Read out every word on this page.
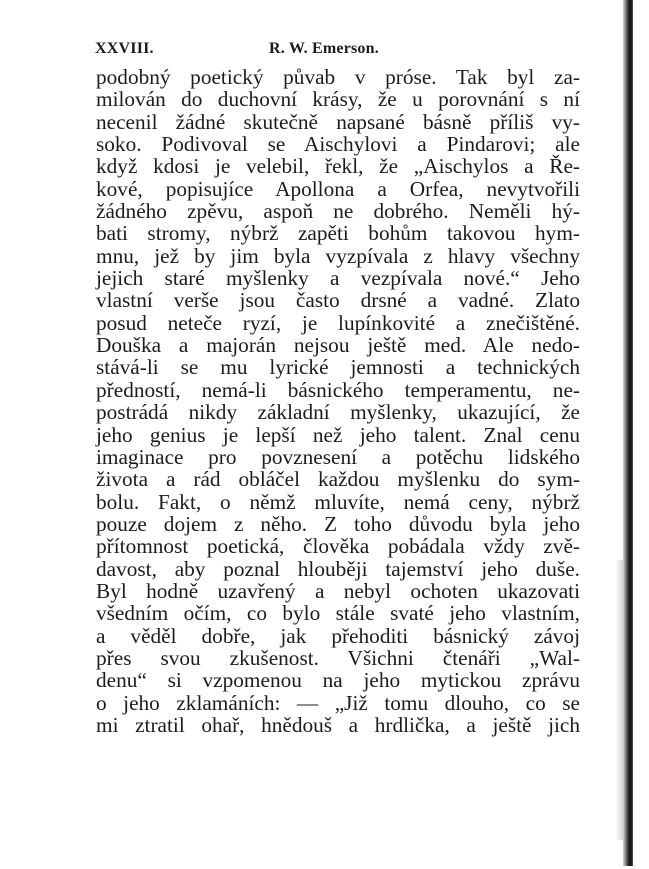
XXVIII.	R. W. Emerson.
podobný poetický půvab v próse. Tak byl za-
milován do duchovní krásy, že u porovnání s ní
necenil žádné skutečně napsané básně příliš vy-
soko. Podivoval se Aischylovi a Pindarovi; ale
když kdosi je velebil, řekl, že „Aischylos a Ře-
kové, popisujíce Apollona a Orfea, nevytvořili
žádného zpěvu, aspoň ne dobrého. Neměli hý-
bati stromy, nýbrž zapěti bohům takovou hym-
mnu, jež by jim byla vyzpívala z hlavy všechny
jejich staré myšlenky a vezpívala nové.“ Jeho
vlastní verše jsou často drsné a vadné. Zlato
posud neteče ryzí, je lupínkovité a znečištěné.
Douška a majorán nejsou ještě med. Ale nedo-
stává-li se mu lyrické jemnosti a technických
předností, nemá-li básnického temperamentu, ne-
postrádá nikdy základní myšlenky, ukazující, že
jeho genius je lepší než jeho talent. Znal cenu
imaginace pro povznesení a potěchu lidského
života a rád obláčel každou myšlenku do sym-
bolu. Fakt, o němž mluvíte, nemá ceny, nýbrž
pouze dojem z něho. Z toho důvodu byla jeho
přítomnost poetická, člověka pobádala vždy zvě-
davost, aby poznal hlouběji tajemství jeho duše.
Byl hodně uzavřený a nebyl ochoten ukazovati
všedním očím, co bylo stále svaté jeho vlastním,
a věděl dobře, jak přehoditi básnický závoj
přes svou zkušenost. Všichni čtenáři „Wal-
denu“ si vzpomenou na jeho mytickou zprávu
o jeho zklamáních: — „Již tomu dlouho, co se
mi ztratil ohař, hnědouš a hrdlička, a ještě jich
